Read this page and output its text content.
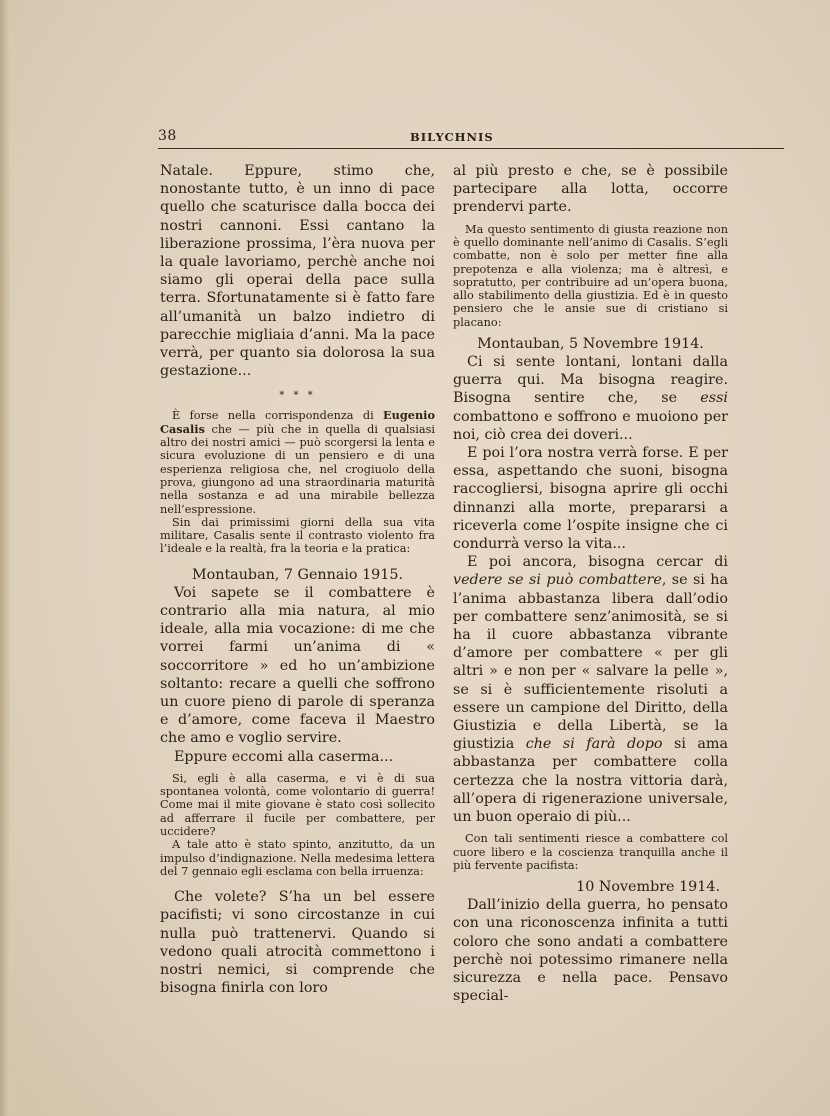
38	BILYCHNIS

Natale. Eppure, stimo che, nonostante tutto, è un inno di pace quello che scaturisce dalla bocca dei nostri cannoni. Essi cantano la liberazione prossima, l’èra nuova per la quale lavoriamo, perchè anche noi siamo gli operai della pace sulla terra. Sfortunatamente si è fatto fare all’umanità un balzo indietro di parecchie migliaia d’anni. Ma la pace verrà, per quanto sia dolorosa la sua gestazione...

* * *

È forse nella corrispondenza di Eugenio Casalis che — più che in quella di qualsiasi altro dei nostri amici — può scorgersi la lenta e sicura evoluzione di un pensiero e di una esperienza religiosa che, nel crogiuolo della prova, giungono ad una straordinaria maturità nella sostanza e ad una mirabile bellezza nell’espressione.

Sin dai primissimi giorni della sua vita militare, Casalis sente il contrasto violento fra l’ideale e la realtà, fra la teoria e la pratica:

Montauban, 7 Gennaio 1915.

Voi sapete se il combattere è contrario alla mia natura, al mio ideale, alla mia vocazione: di me che vorrei farmi un’anima di « soccorritore » ed ho un’ambizione soltanto: recare a quelli che soffrono un cuore pieno di parole di speranza e d’amore, come faceva il Maestro che amo e voglio servire.

Eppure eccomi alla caserma...

Si, egli è alla caserma, e vi è di sua spontanea volontà, come volontario di guerra! Come mai il mite giovane è stato così sollecito ad afferrare il fucile per combattere, per uccidere?

A tale atto è stato spinto, anzitutto, da un impulso d’indignazione. Nella medesima lettera del 7 gennaio egli esclama con bella irruenza:

Che volete? S’ha un bel essere pacifisti; vi sono circostanze in cui nulla può trattenervi. Quando si vedono quali atrocità commettono i nostri nemici, si comprende che bisogna finirla con loro

al più presto e che, se è possibile partecipare alla lotta, occorre prendervi parte.

Ma questo sentimento di giusta reazione non è quello dominante nell’animo di Casalis. S’egli combatte, non è solo per metter fine alla prepotenza e alla violenza; ma è altresì, e sopratutto, per contribuire ad un’opera buona, allo stabilimento della giustizia. Ed è in questo pensiero che le ansie sue di cristiano si placano:

Montauban, 5 Novembre 1914.

Ci si sente lontani, lontani dalla guerra qui. Ma bisogna reagire. Bisogna sentire che, se essi combattono e soffrono e muoiono per noi, ciò crea dei doveri...

E poi l’ora nostra verrà forse. E per essa, aspettando che suoni, bisogna raccogliersi, bisogna aprire gli occhi dinnanzi alla morte, prepararsi a riceverla come l’ospite insigne che ci condurrà verso la vita...

E poi ancora, bisogna cercar di vedere se si può combattere, se si ha l’anima abbastanza libera dall’odio per combattere senz’animosità, se si ha il cuore abbastanza vibrante d’amore per combattere « per gli altri » e non per « salvare la pelle », se si è sufficientemente risoluti a essere un campione del Diritto, della Giustizia e della Libertà, se la giustizia che si farà dopo si ama abbastanza per combattere colla certezza che la nostra vittoria darà, all’opera di rigenerazione universale, un buon operaio di più...

Con tali sentimenti riesce a combattere col cuore libero e la coscienza tranquilla anche il più fervente pacifista:

10 Novembre 1914.

Dall’inizio della guerra, ho pensato con una riconoscenza infinita a tutti coloro che sono andati a combattere perchè noi potessimo rimanere nella sicurezza e nella pace. Pensavo special-
